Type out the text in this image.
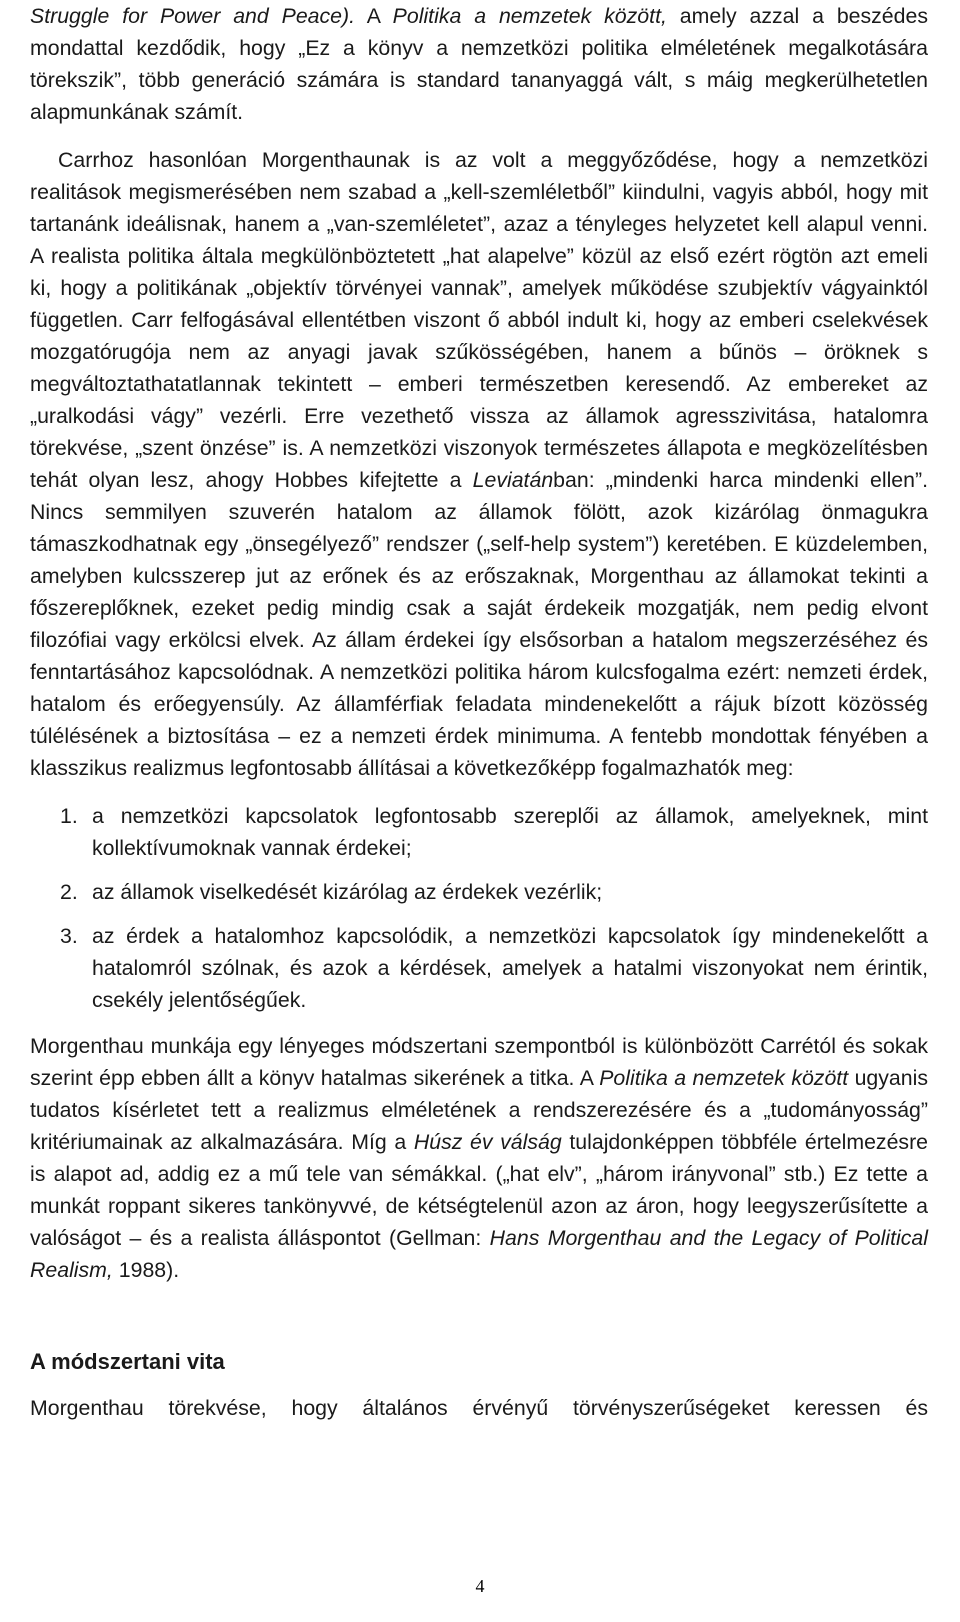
Struggle for Power and Peace). A Politika a nemzetek között, amely azzal a beszédes mondattal kezdődik, hogy „Ez a könyv a nemzetközi politika elméletének megalkotására törekszik”, több generáció számára is standard tananyaggá vált, s máig megkerülhetetlen alapmunkának számít.

Carrhoz hasonlóan Morgenthaunak is az volt a meggyőződése, hogy a nemzetközi realitások megismerésében nem szabad a „kell-szemléletből” kiindulni, vagyis abból, hogy mit tartanánk ideálisnak, hanem a „van-szemléletet”, azaz a tényleges helyzetet kell alapul venni. A realista politika általa megkülönböztetett „hat alapelve” közül az első ezért rögtön azt emeli ki, hogy a politikának „objektív törvényei vannak”, amelyek működése szubjektív vágyainktól független. Carr felfogásával ellentétben viszont ő abból indult ki, hogy az emberi cselekvések mozgatórugója nem az anyagi javak szűkösségében, hanem a bűnös – öröknek s megváltoztathatatlannak tekintett – emberi természetben keresendő. Az embereket az „uralkodási vágy” vezérli. Erre vezethető vissza az államok agresszivitása, hatalomra törekvése, „szent önzése” is. A nemzetközi viszonyok természetes állapota e megközelítésben tehát olyan lesz, ahogy Hobbes kifejtette a Leviatánban: „mindenki harca mindenki ellen”. Nincs semmilyen szuverén hatalom az államok fölött, azok kizárólag önmagukra támaszkodhatnak egy „önsegélyező” rendszer („self-help system”) keretében. E küzdelemben, amelyben kulcsszerep jut az erőnek és az erőszaknak, Morgenthau az államokat tekinti a főszereplőknek, ezeket pedig mindig csak a saját érdekeik mozgatják, nem pedig elvont filozófiai vagy erkölcsi elvek. Az állam érdekei így elsősorban a hatalom megszerzéséhez és fenntartásához kapcsolódnak. A nemzetközi politika három kulcsfogalma ezért: nemzeti érdek, hatalom és erőegyensúly. Az államférfiak feladata mindenekelőtt a rájuk bízott közösség túlélésének a biztosítása – ez a nemzeti érdek minimuma. A fentebb mondottak fényében a klasszikus realizmus legfontosabb állításai a következőképp fogalmazhatók meg:

1. a nemzetközi kapcsolatok legfontosabb szereplői az államok, amelyeknek, mint kollektívumoknak vannak érdekei;
2. az államok viselkedését kizárólag az érdekek vezérlik;
3. az érdek a hatalomhoz kapcsolódik, a nemzetközi kapcsolatok így mindenekelőtt a hatalomról szólnak, és azok a kérdések, amelyek a hatalmi viszonyokat nem érintik, csekély jelentőségűek.

Morgenthau munkája egy lényeges módszertani szempontból is különbözött Carrétól és sokak szerint épp ebben állt a könyv hatalmas sikerének a titka. A Politika a nemzetek között ugyanis tudatos kísérletet tett a realizmus elméletének a rendszerezésére és a „tudományosság” kritériumainak az alkalmazására. Míg a Húsz év válság tulajdonképpen többféle értelmezésre is alapot ad, addig ez a mű tele van sémákkal. („hat elv”, „három irányvonal” stb.) Ez tette a munkát roppant sikeres tankönyvvé, de kétségtelenül azon az áron, hogy leegyszerűsítette a valóságot – és a realista álláspontot (Gellman: Hans Morgenthau and the Legacy of Political Realism, 1988).

A módszertani vita

Morgenthau törekvése, hogy általános érvényű törvényszerűségeket keressen és

4
